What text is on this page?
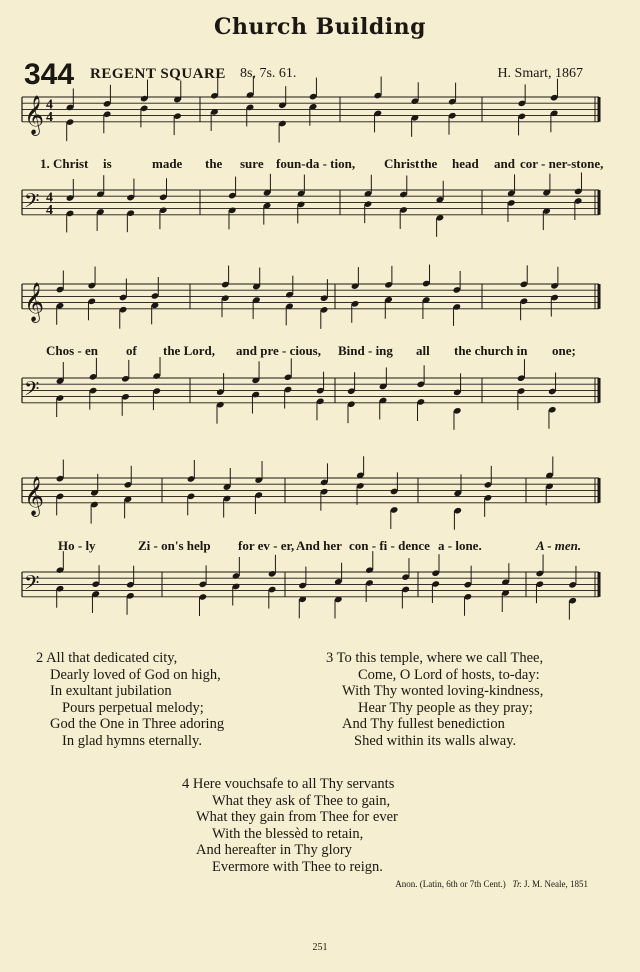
Church Building
344 REGENT SQUARE 8s, 7s. 61.	H. Smart, 1867
𝄞 4
4
𝄢 4
4
𝄞
𝄢
𝄞
𝄢
1. Christ is	made the sure foun-da - tion, Christ the head and cor - ner-stone,
Chos - en of the Lord, and pre - cious, Bind - ing all the church in one;
Ho - ly	Zi - on's help for ev - er, And her con - fi - dence a - lone.	A - men.
2 All that dedicated city,
Dearly loved of God on high,
In exultant jubilation
Pours perpetual melody;
God the One in Three adoring
In glad hymns eternally.
3 To this temple, where we call Thee,
Come, O Lord of hosts, to-day:
With Thy wonted loving-kindness,
Hear Thy people as they pray;
And Thy fullest benediction
Shed within its walls alway.
4 Here vouchsafe to all Thy servants
What they ask of Thee to gain,
What they gain from Thee for ever
With the blessèd to retain,
And hereafter in Thy glory
Evermore with Thee to reign.
Anon. (Latin, 6th or 7th Cent.) Tr. J. M. Neale, 1851
251
